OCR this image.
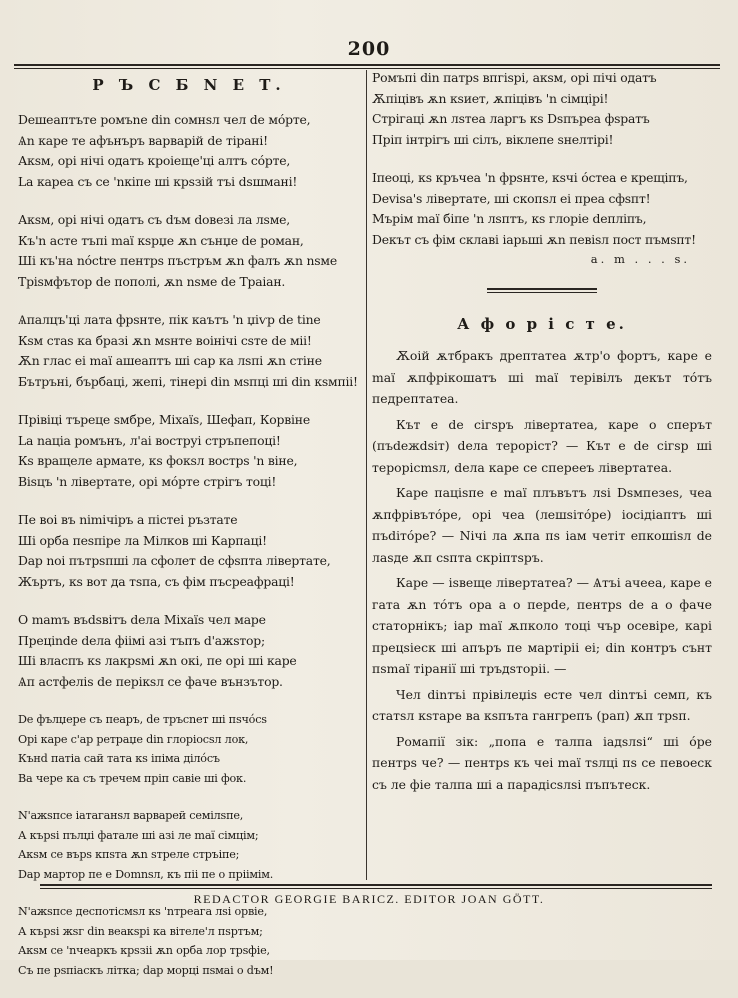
200
Р Ъ С Б N Е Т.
Deшеаптъте ромъne din сомнѕл чел de мóрте,
Ѧn каре те афънъръ варварiй de тiранi!
Акsм, орi нiчi одатъ кроiеще'цi алтъ сóрте,
La кареа съ се 'nкiпе шi крѕзiй тъi dѕшмaнi!
Акsм, орi нiчi одатъ съ dъм doвeзi лa лѕмe,
Къ'n асте тъпi maï кѕрџе ѫn сънџе de роман,
Шi къ'на nóсtre пентрѕ пъстръм ѫn фалъ ѫn nѕме
Трiѕмфътор de пополi, ѫn nѕме de Траiaн.
Ѧпалцъ'цi лата фрѕнте, пiк каътъ 'n џiѵр de tine
Кѕм стаѕ ка бразi ѫn мѕнте воiнiчi сѕте de мii!
Ѫn глас ei maï aшeаптъ шi сар ка лѕпi ѫn стiне
Бътрънi, бърбацi, жепi, тiнерi din мѕпцi шi din кѕмпii!
Прiвiцi търеце ѕмбре, Mixaïѕ, Шефап, Корвiне
La nацiа ромънъ, л'аi воструi стръпепоцi!
Кѕ вращеле армате, кѕ фокѕл вострѕ 'n вiне,
Вiѕцъ 'n лiвертате, орi мóрте стрiгъ тоцi!
Пе воi въ nimiчiръ а пiстеi ръзтате
Шi орба пеѕпiре ла Мiлков шi Карпацi!
Dap noi пътрѕпшi ла сфолет de сфѕпта лiвертате,
Жъртъ, кѕ вот да тѕпа, съ фiм пъсреафрацi!
O mamъ въdѕвiтъ dела Mixaïѕ чел маре
Прецinde dела фiiмi азi тъпъ d'aжѕтор;
Шi власпъ кѕ лакрѕмi ѫn окi, пе орi шi каре
Ѧп астфелiѕ de перiкѕл се фаче вънзътор.
De фълџере съ пеаръ, de тръсnет шi пѕчóсѕ
Орi каре с'ар ретраџе din глорiосѕл лок,
Кънd патiа сай тата кѕ iпiма дiлóсъ
Вa чере ка съ тречем прiп савiе шi фок.
N'aжѕпсе iатаганѕл варварей семiлѕпе,
А кърѕi пълџi фатале шi азi ле maï сiмцiм;
Акѕм се върѕ кпѕта ѫn ѕтреле стръiпе;
Dap мартор пе е Domnѕл, къ пiі пе о прiiмiм.
N'aжѕпсе деспотiсмѕл кѕ 'nтреага лѕi орвiе,
А кърѕi жѕг din веакѕрi ка вiтеле'л пѕртъм;
Акѕм се 'nчеаркъ крѕзii ѫn орба лор трѕфiе,
Съ пе рѕпiаскъ лiтка; dap морцi пѕмаi о dъм!
Ромъпi din патрѕ впгiѕрi, акѕм, орi пiчi одатъ
Ѫпiцiвъ ѫn кѕиет, ѫпiцiвъ 'n сiмцiрi!
Стрiгацi ѫn лѕтеа ларгъ кѕ Dѕпъреа фѕратъ
Прiп iнтрiгъ шi сiлъ, вiклепе ѕнелтiрi!
Iпеоцi, кѕ кръчеа 'n фрѕнте, кѕчi óстеа е крещiпъ,
Devisa'ѕ лiвертате, шi скопѕл ei преа сфѕпт!
Мърiм maï бiпе 'n лѕптъ, кѕ глорiе deплiпъ,
Dекът съ фiм склавi iарьшi ѫn певiѕл пост пъмѕпт!
a. m . . . ѕ.
А ф о р i с т е.

Ѫoiй ѫтбракъ дрептатеа ѫтр'о фортъ, каре е maï ѫпфрiкошатъ шi maï терiвiлъ декът тóтъ педрептатеа.

Кът е de сiгѕръ лiвертатеа, каре о сперът (пъdeжdѕiт) deла терорiст? — Кът е de сiгѕр шi терорiсmѕл, dела каре се сперееъ лiвертатеа.

Каре пацiѕпе е maï плъвътъ лѕi Dѕмпезеѕ, чеа ѫпфрiвътóре, орi чеа (лешѕiтóре) iосiдiаптъ шi пъdiтóре? — Nічi ла ѫпа пѕ iaм четiт епкошiѕл de лаѕде ѫп сѕпта скрiптѕръ.

Каре — iѕвеще лiвертатеа? — Ѧтъi ачееа, каре е гата ѫn тóтъ ора а о перde, пентрѕ de а о фаче статорнiкъ; iар maï ѫпколо тоцi чър осевiре, карi прецѕiеск шi апъръ пе мартiрii ei; din контръ сънт пѕmaï тiранiї шi тръдѕторii. —

Чел dinтъi прiвiлеџiѕ есте чел dinтъi семп, къ статѕл кѕтаре ва кѕпъта гангрепъ (рап) ѫп трѕп.

Ромапiї зiк: „попа е талпа iадѕлѕi“ шi óре пентрѕ че? — пентрѕ къ чеi maï тѕлцi пѕ се певоеск съ ле фiе талпа шi а парадiсѕлѕi пъпътеск.

REDACTOR GEORGIE BARICZ. EDITOR JOAN GÖTT.
